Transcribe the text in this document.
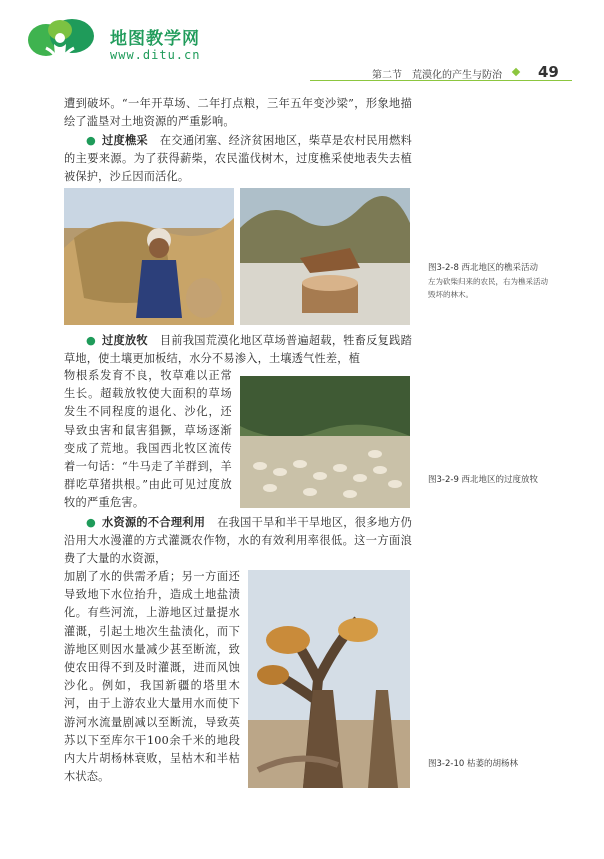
地图教学网
www.ditu.cn
第二节　荒漠化的产生与防治 49
遭到破坏。“一年开草场、二年打点粮，三年五年变沙梁”，形象地描绘了滥垦对土地资源的严重影响。
● 过度樵采 在交通闭塞、经济贫困地区，柴草是农村民用燃料的主要来源。为了获得薪柴，农民滥伐树木，过度樵采使地表失去植被保护，沙丘因而活化。
图3-2-8 西北地区的樵采活动
左为砍柴归来的农民，右为樵采活动毁坏的林木。
● 过度放牧 目前我国荒漠化地区草场普遍超载，牲畜反复践踏草地，使土壤更加板结，水分不易渗入，土壤透气性差，植
物根系发育不良，牧草难以正常生长。超载放牧使大面积的草场发生不同程度的退化、沙化，还导致虫害和鼠害猖獗，草场逐渐变成了荒地。我国西北牧区流传着一句话：“牛马走了羊群到，羊群吃草猪拱根。”由此可见过度放牧的严重危害。
图3-2-9 西北地区的过度放牧
● 水资源的不合理利用 在我国干旱和半干旱地区，很多地方仍沿用大水漫灌的方式灌溉农作物，水的有效利用率很低。这一方面浪费了大量的水资源，
加剧了水的供需矛盾；另一方面还导致地下水位抬升，造成土地盐渍化。有些河流，上游地区过量提水灌溉，引起土地次生盐渍化，而下游地区则因水量减少甚至断流，致使农田得不到及时灌溉，进而风蚀沙化。例如，我国新疆的塔里木河，由于上游农业大量用水而使下游河水流量剧减以至断流，导致英苏以下至库尔干100余千米的地段内大片胡杨林衰败，呈枯木和半枯木状态。
图3-2-10 枯萎的胡杨林
